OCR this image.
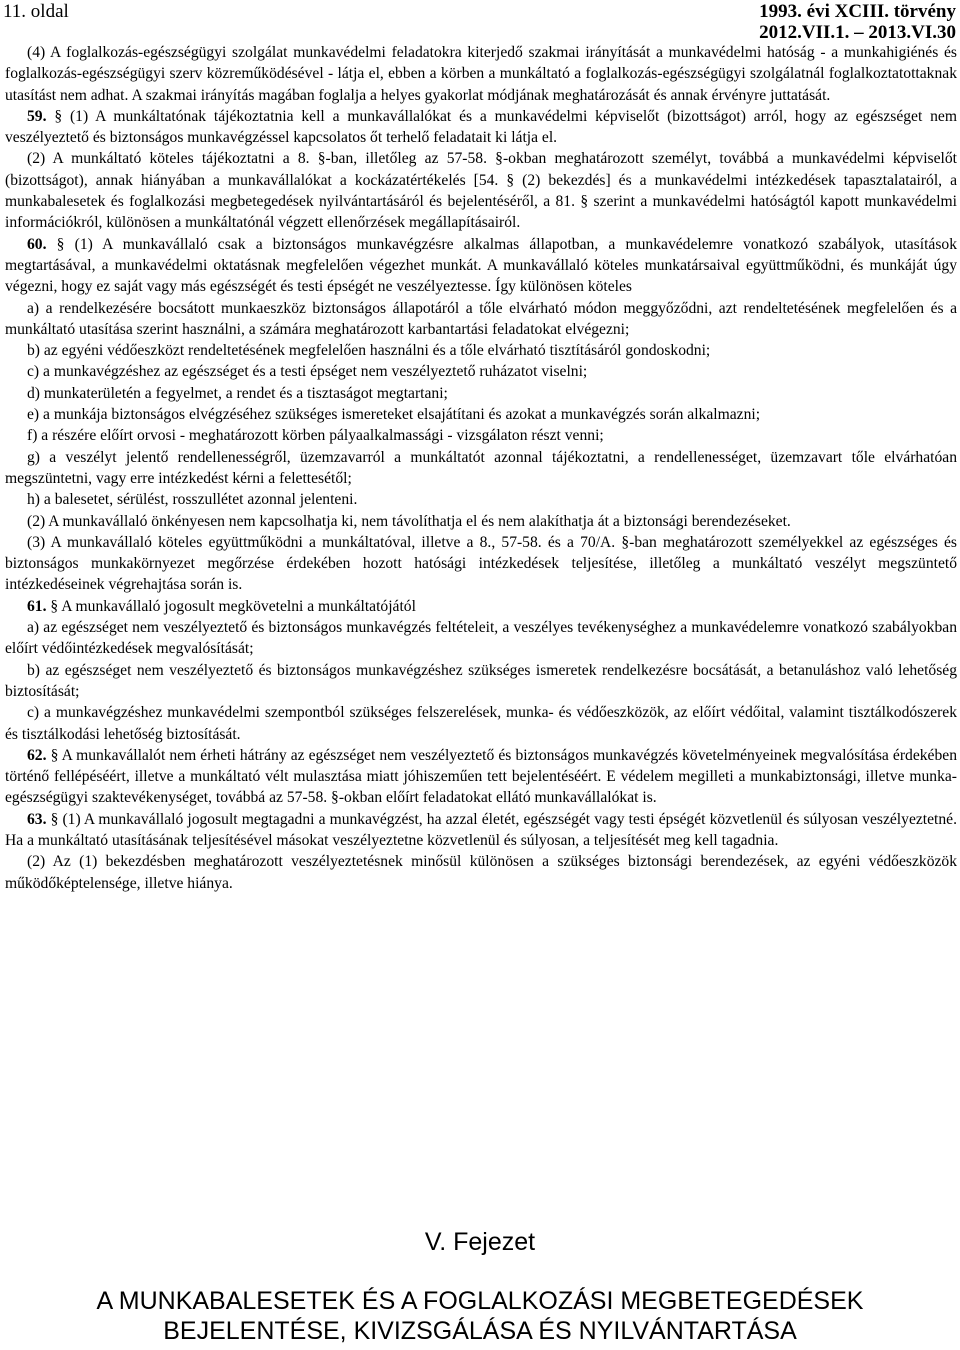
11. oldal	1993. évi XCIII. törvény
2012.VII.1. – 2013.VI.30

(4) A foglalkozás-egészségügyi szolgálat munkavédelmi feladatokra kiterjedő szakmai irányítását a munkavédelmi hatóság - a munkahigiénés és foglalkozás-egészségügyi szerv közreműködésével - látja el, ebben a körben a munkáltató a foglalkozás-egészségügyi szolgálatnál foglalkoztatottaknak utasítást nem adhat. A szakmai irányítás magában foglalja a helyes gyakorlat módjának meghatározását és annak érvényre juttatását.

59. § (1) A munkáltatónak tájékoztatnia kell a munkavállalókat és a munkavédelmi képviselőt (bizottságot) arról, hogy az egészséget nem veszélyeztető és biztonságos munkavégzéssel kapcsolatos őt terhelő feladatait ki látja el.

(2) A munkáltató köteles tájékoztatni a 8. §-ban, illetőleg az 57-58. §-okban meghatározott személyt, továbbá a munkavédelmi képviselőt (bizottságot), annak hiányában a munkavállalókat a kockázatértékelés [54. § (2) bekezdés] és a munkavédelmi intézkedések tapasztalatairól, a munkabalesetek és foglalkozási megbetegedések nyilvántartásáról és bejelentéséről, a 81. § szerint a munkavédelmi hatóságtól kapott munkavédelmi információkról, különösen a munkáltatónál végzett ellenőrzések megállapításairól.

60. § (1) A munkavállaló csak a biztonságos munkavégzésre alkalmas állapotban, a munkavédelemre vonatkozó szabályok, utasítások megtartásával, a munkavédelmi oktatásnak megfelelően végezhet munkát. A munkavállaló köteles munkatársaival együttműködni, és munkáját úgy végezni, hogy ez saját vagy más egészségét és testi épségét ne veszélyeztesse. Így különösen köteles

a) a rendelkezésére bocsátott munkaeszköz biztonságos állapotáról a tőle elvárható módon meggyőződni, azt rendeltetésének megfelelően és a munkáltató utasítása szerint használni, a számára meghatározott karbantartási feladatokat elvégezni;

b) az egyéni védőeszközt rendeltetésének megfelelően használni és a tőle elvárható tisztításáról gondoskodni;

c) a munkavégzéshez az egészséget és a testi épséget nem veszélyeztető ruházatot viselni;

d) munkaterületén a fegyelmet, a rendet és a tisztaságot megtartani;

e) a munkája biztonságos elvégzéséhez szükséges ismereteket elsajátítani és azokat a munkavégzés során alkalmazni;

f) a részére előírt orvosi - meghatározott körben pályaalkalmassági - vizsgálaton részt venni;

g) a veszélyt jelentő rendellenességről, üzemzavarról a munkáltatót azonnal tájékoztatni, a rendellenességet, üzemzavart tőle elvárhatóan megszüntetni, vagy erre intézkedést kérni a felettesétől;

h) a balesetet, sérülést, rosszullétet azonnal jelenteni.

(2) A munkavállaló önkényesen nem kapcsolhatja ki, nem távolíthatja el és nem alakíthatja át a biztonsági berendezéseket.

(3) A munkavállaló köteles együttműködni a munkáltatóval, illetve a 8., 57-58. és a 70/A. §-ban meghatározott személyekkel az egészséges és biztonságos munkakörnyezet megőrzése érdekében hozott hatósági intézkedések teljesítése, illetőleg a munkáltató veszélyt megszüntető intézkedéseinek végrehajtása során is.

61. § A munkavállaló jogosult megkövetelni a munkáltatójától

a) az egészséget nem veszélyeztető és biztonságos munkavégzés feltételeit, a veszélyes tevékenységhez a munkavédelemre vonatkozó szabályokban előírt védőintézkedések megvalósítását;

b) az egészséget nem veszélyeztető és biztonságos munkavégzéshez szükséges ismeretek rendelkezésre bocsátását, a betanuláshoz való lehetőség biztosítását;

c) a munkavégzéshez munkavédelmi szempontból szükséges felszerelések, munka- és védőeszközök, az előírt védőital, valamint tisztálkodószerek és tisztálkodási lehetőség biztosítását.

62. § A munkavállalót nem érheti hátrány az egészséget nem veszélyeztető és biztonságos munkavégzés követelményeinek megvalósítása érdekében történő fellépéséért, illetve a munkáltató vélt mulasztása miatt jóhiszeműen tett bejelentéséért. E védelem megilleti a munkabiztonsági, illetve munka-egészségügyi szaktevékenységet, továbbá az 57-58. §-okban előírt feladatokat ellátó munkavállalókat is.

63. § (1) A munkavállaló jogosult megtagadni a munkavégzést, ha azzal életét, egészségét vagy testi épségét közvetlenül és súlyosan veszélyeztetné. Ha a munkáltató utasításának teljesítésével másokat veszélyeztetne közvetlenül és súlyosan, a teljesítését meg kell tagadnia.

(2) Az (1) bekezdésben meghatározott veszélyeztetésnek minősül különösen a szükséges biztonsági berendezések, az egyéni védőeszközök működőképtelensége, illetve hiánya.

V. Fejezet
A MUNKABALESETEK ÉS A FOGLALKOZÁSI MEGBETEGEDÉSEK
BEJELENTÉSE, KIVIZSGÁLÁSA ÉS NYILVÁNTARTÁSA
